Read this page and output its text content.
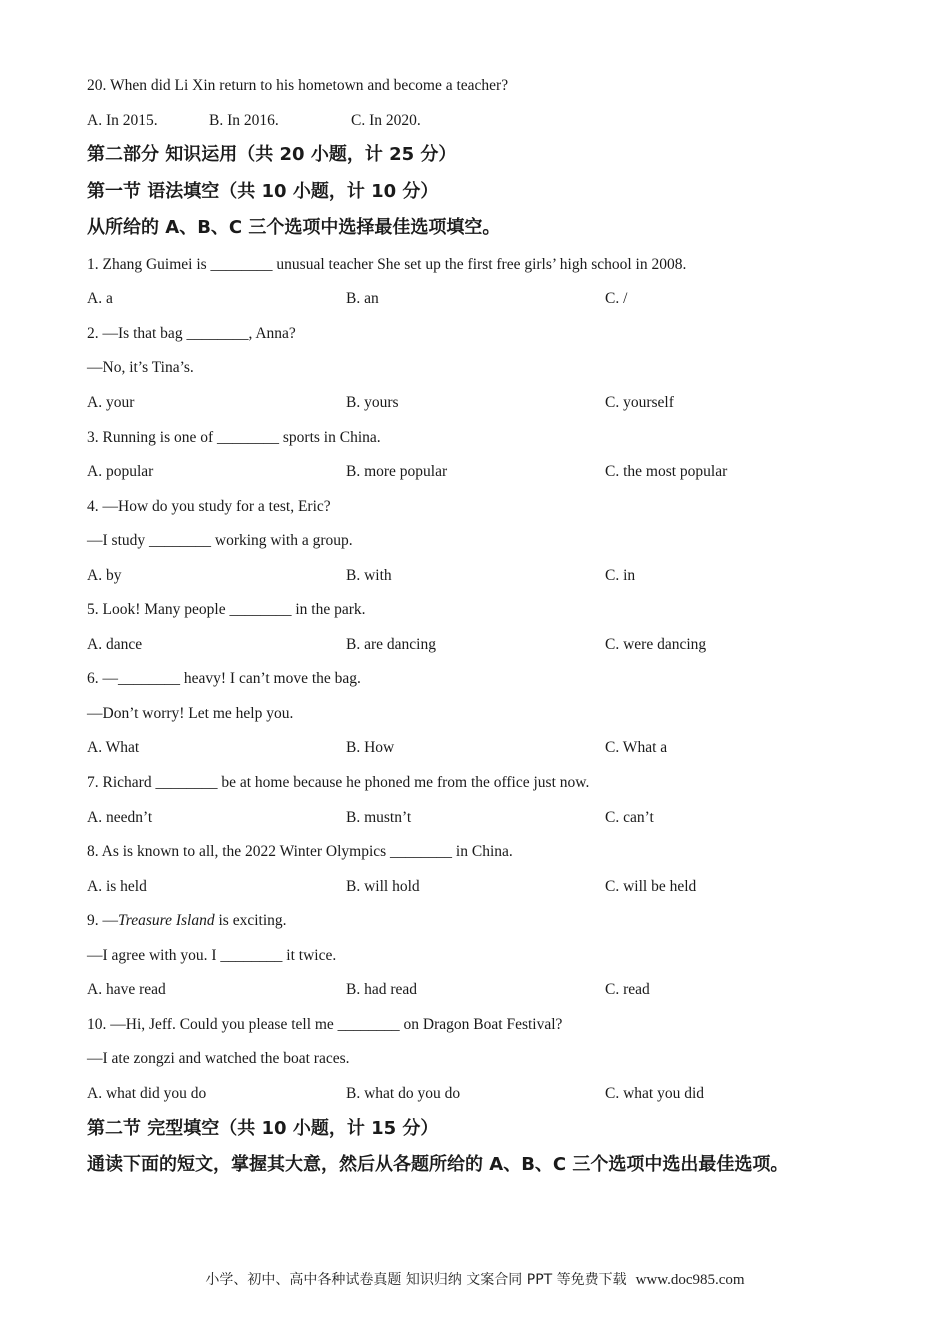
20. When did Li Xin return to his hometown and become a teacher?
A. In 2015.	B. In 2016.	C. In 2020.
第二部分 知识运用（共 20 小题，计 25 分）
第一节 语法填空（共 10 小题，计 10 分）
从所给的 A、B、C 三个选项中选择最佳选项填空。
1. Zhang Guimei is ________ unusual teacher She set up the first free girls’ high school in 2008.
A. a	B. an	C. /
2. —Is that bag ________, Anna?
—No, it’s Tina’s.
A. your	B. yours	C. yourself
3. Running is one of ________ sports in China.
A. popular	B. more popular	C. the most popular
4. —How do you study for a test, Eric?
—I study ________ working with a group.
A. by	B. with	C. in
5. Look! Many people ________ in the park.
A. dance	B. are dancing	C. were dancing
6. —________ heavy! I can’t move the bag.
—Don’t worry! Let me help you.
A. What	B. How	C. What a
7. Richard ________ be at home because he phoned me from the office just now.
A. needn’t	B. mustn’t	C. can’t
8. As is known to all, the 2022 Winter Olympics ________ in China.
A. is held	B. will hold	C. will be held
9. —Treasure Island is exciting.
—I agree with you. I ________ it twice.
A. have read	B. had read	C. read
10. —Hi, Jeff. Could you please tell me ________ on Dragon Boat Festival?
—I ate zongzi and watched the boat races.
A. what did you do	B. what do you do	C. what you did
第二节 完型填空（共 10 小题，计 15 分）
通读下面的短文，掌握其大意，然后从各题所给的 A、B、C 三个选项中选出最佳选项。
小学、初中、高中各种试卷真题 知识归纳 文案合同 PPT 等免费下载 www.doc985.com
